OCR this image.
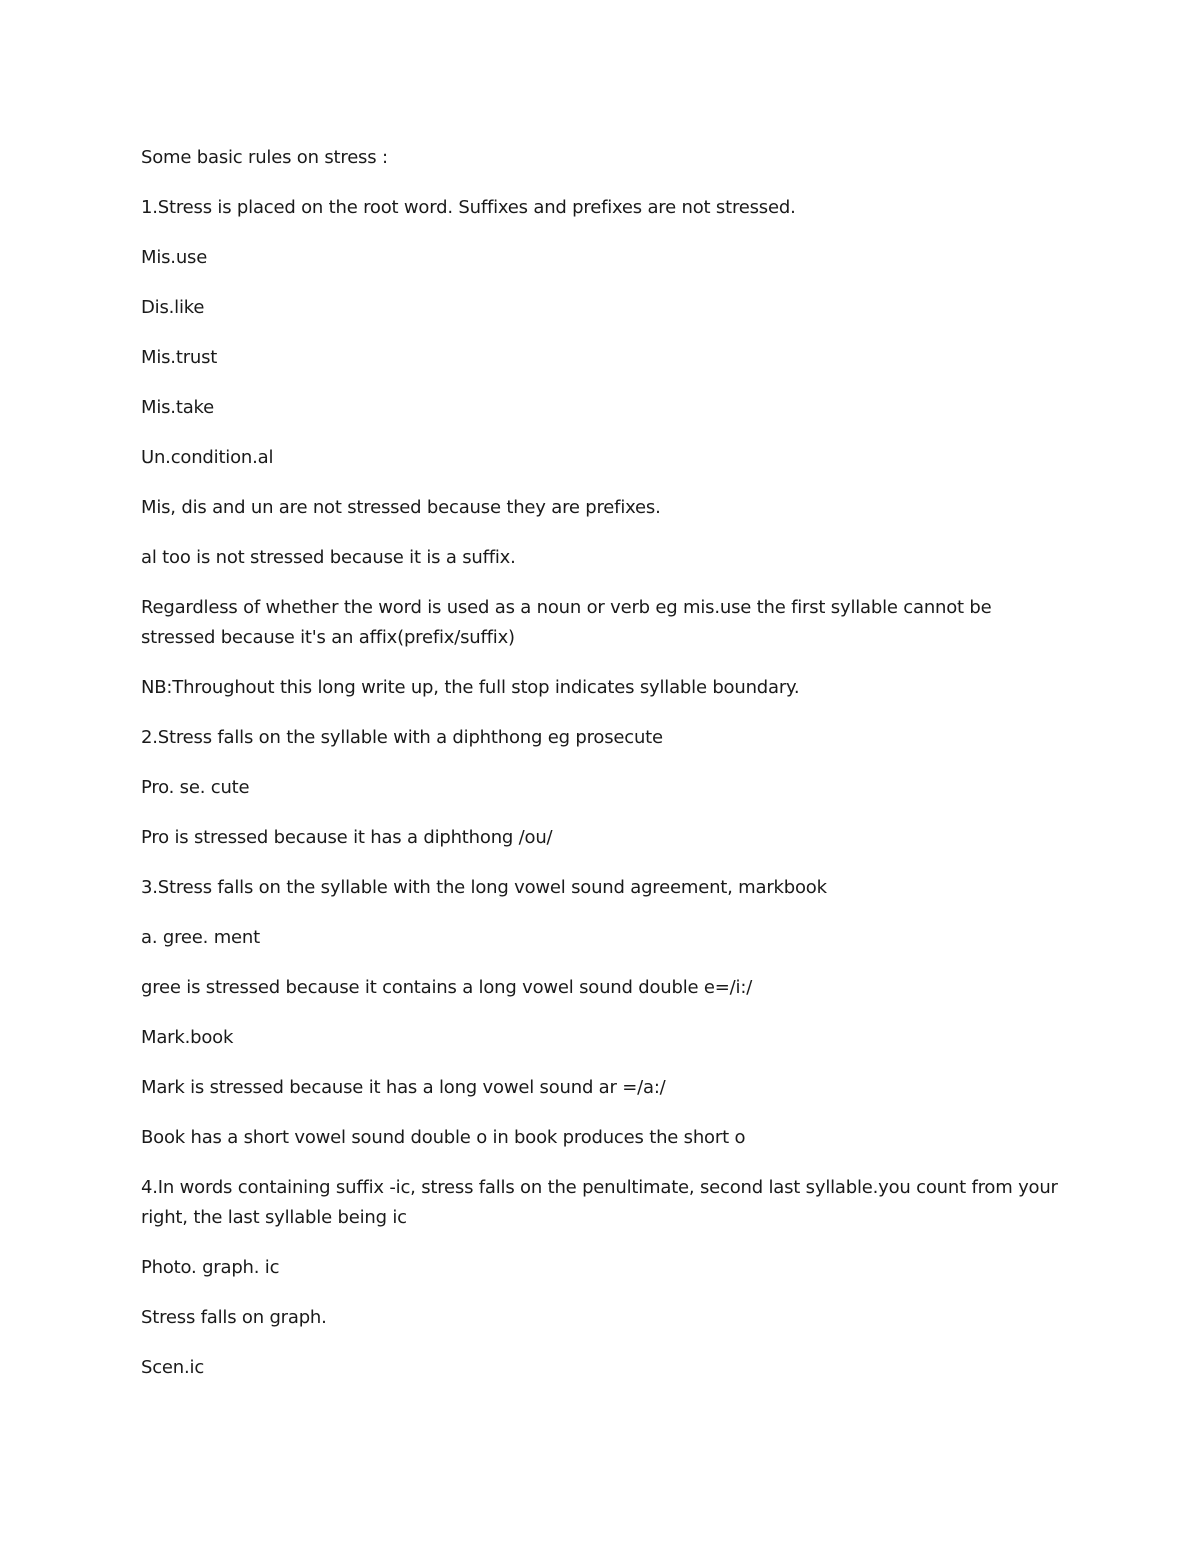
Some basic rules on stress :

1.Stress is placed on the root word. Suffixes and prefixes are not stressed.

Mis.use

Dis.like

Mis.trust

Mis.take

Un.condition.al

Mis, dis and un are not stressed because they are prefixes.

al too is not stressed because it is a suffix.

Regardless of whether the word is used as a noun or verb eg mis.use the first syllable cannot be stressed because it's an affix(prefix/suffix)

NB:Throughout this long write up, the full stop indicates syllable boundary.

2.Stress falls on the syllable with a diphthong eg prosecute

Pro. se. cute

Pro is stressed because it has a diphthong /ou/

3.Stress falls on the syllable with the long vowel sound agreement, markbook

a. gree. ment

gree is stressed because it contains a long vowel sound double e=/i:/

Mark.book

Mark is stressed because it has a long vowel sound ar =/a:/

Book has a short vowel sound double o in book produces the short o

4.In words containing suffix -ic, stress falls on the penultimate, second last syllable.you count from your right, the last syllable being ic

Photo. graph. ic

Stress falls on graph.

Scen.ic
